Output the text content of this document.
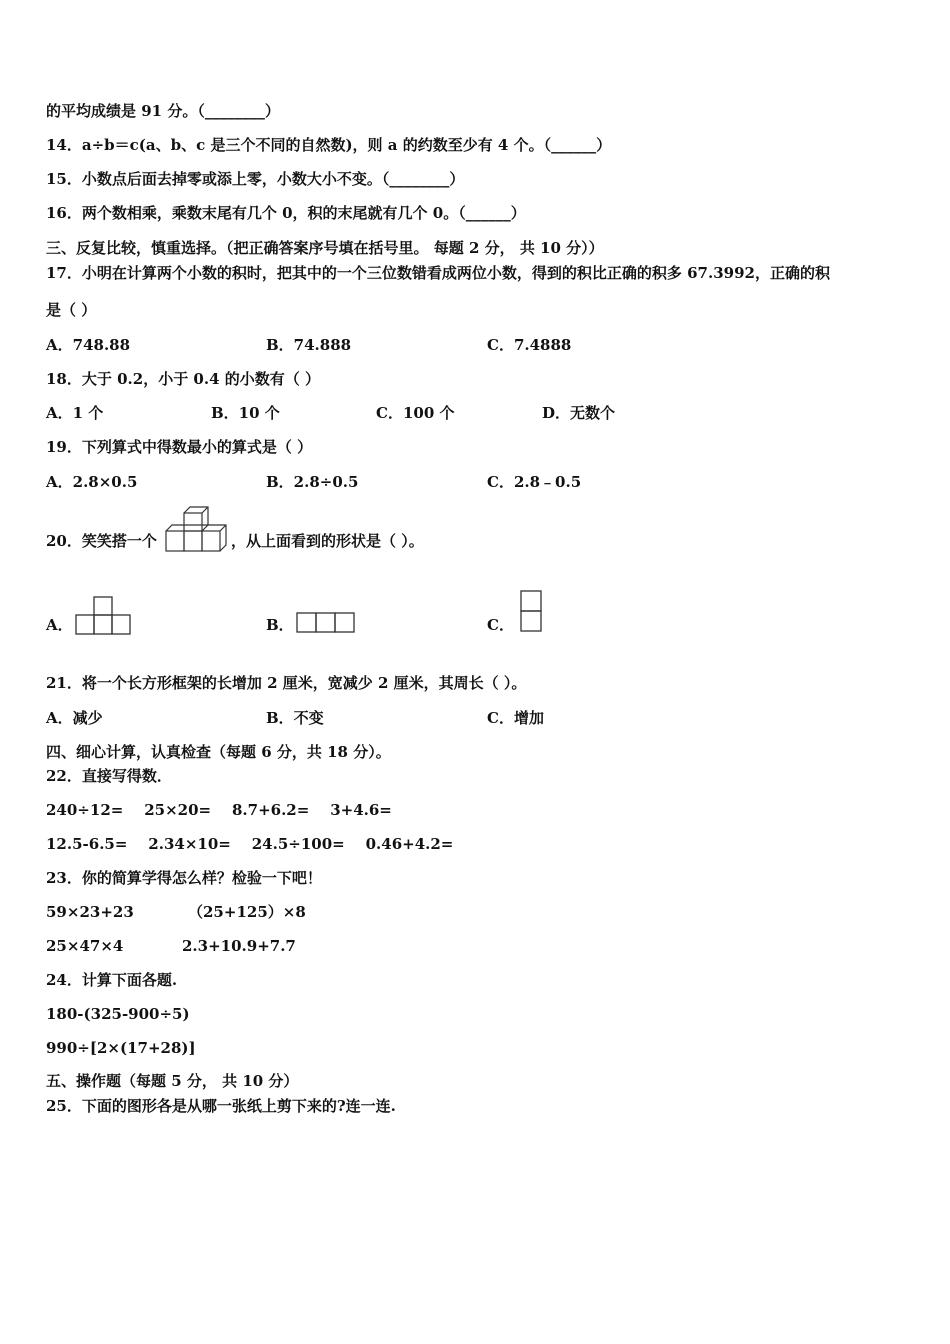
的平均成绩是 91 分。（________）
14．a÷b＝c(a、b、c 是三个不同的自然数)，则 a 的约数至少有 4 个。（______）
15．小数点后面去掉零或添上零，小数大小不变。（________）
16．两个数相乘，乘数末尾有几个 0，积的末尾就有几个 0。（______）
三、反复比较，慎重选择。（把正确答案序号填在括号里。 每题 2 分， 共 10 分））
17．小明在计算两个小数的积时，把其中的一个三位数错看成两位小数，得到的积比正确的积多 67.3992，正确的积
是（ ）
A．748.88	B．74.888	C．7.4888
18．大于 0.2，小于 0.4 的小数有（ ）
A．1 个	B．10 个	C．100 个	D．无数个
19．下列算式中得数最小的算式是（ ）
A．2.8×0.5	B．2.8÷0.5	C．2.8﹣0.5
20．笑笑搭一个	，从上面看到的形状是（ ）。
A．	B．	C．
21．将一个长方形框架的长增加 2 厘米，宽减少 2 厘米，其周长（ ）。
A．减少	B．不变	C．增加
四、细心计算，认真检查（每题 6 分，共 18 分）。
22．直接写得数．
240÷12=    25×20=    8.7+6.2=    3+4.6=
12.5-6.5=    2.34×10=    24.5÷100=    0.46+4.2=
23．你的简算学得怎么样？检验一下吧！
59×23+23	（25+125）×8
25×47×4	2.3+10.9+7.7
24．计算下面各题.
180-(325-900÷5)
990÷[2×(17+28)]
五、操作题（每题 5 分， 共 10 分）
25．下面的图形各是从哪一张纸上剪下来的?连一连.
